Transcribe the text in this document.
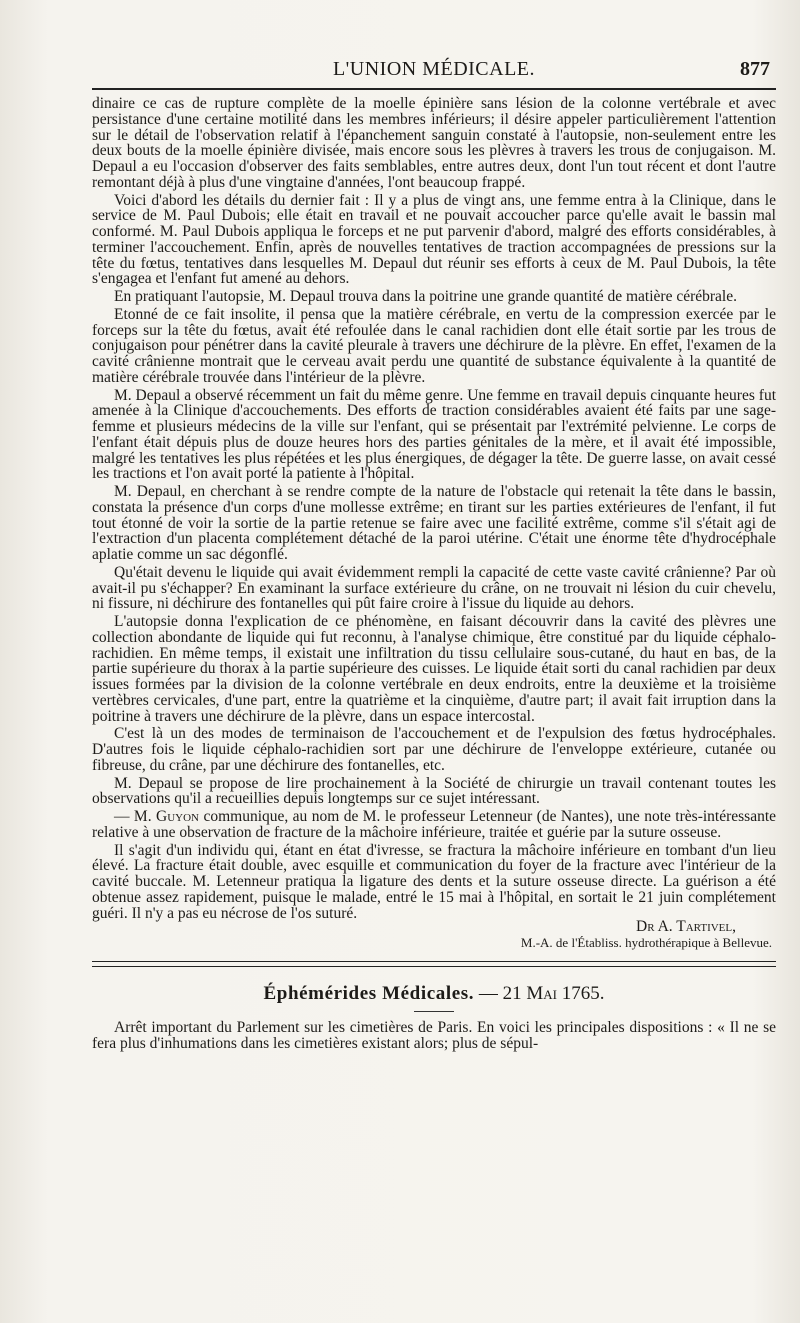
L'UNION MÉDICALE.	877

dinaire ce cas de rupture complète de la moelle épinière sans lésion de la colonne vertébrale et avec persistance d'une certaine motilité dans les membres inférieurs; il désire appeler particulièrement l'attention sur le détail de l'observation relatif à l'épanchement sanguin constaté à l'autopsie, non-seulement entre les deux bouts de la moelle épinière divisée, mais encore sous les plèvres à travers les trous de conjugaison. M. Depaul a eu l'occasion d'observer des faits semblables, entre autres deux, dont l'un tout récent et dont l'autre remontant déjà à plus d'une vingtaine d'années, l'ont beaucoup frappé.

Voici d'abord les détails du dernier fait : Il y a plus de vingt ans, une femme entra à la Clinique, dans le service de M. Paul Dubois; elle était en travail et ne pouvait accoucher parce qu'elle avait le bassin mal conformé. M. Paul Dubois appliqua le forceps et ne put parvenir d'abord, malgré des efforts considérables, à terminer l'accouchement. Enfin, après de nouvelles tentatives de traction accompagnées de pressions sur la tête du fœtus, tentatives dans lesquelles M. Depaul dut réunir ses efforts à ceux de M. Paul Dubois, la tête s'engagea et l'enfant fut amené au dehors.

En pratiquant l'autopsie, M. Depaul trouva dans la poitrine une grande quantité de matière cérébrale.

Etonné de ce fait insolite, il pensa que la matière cérébrale, en vertu de la compression exercée par le forceps sur la tête du fœtus, avait été refoulée dans le canal rachidien dont elle était sortie par les trous de conjugaison pour pénétrer dans la cavité pleurale à travers une déchirure de la plèvre. En effet, l'examen de la cavité crânienne montrait que le cerveau avait perdu une quantité de substance équivalente à la quantité de matière cérébrale trouvée dans l'intérieur de la plèvre.

M. Depaul a observé récemment un fait du même genre. Une femme en travail depuis cinquante heures fut amenée à la Clinique d'accouchements. Des efforts de traction considérables avaient été faits par une sage-femme et plusieurs médecins de la ville sur l'enfant, qui se présentait par l'extrémité pelvienne. Le corps de l'enfant était dépuis plus de douze heures hors des parties génitales de la mère, et il avait été impossible, malgré les tentatives les plus répétées et les plus énergiques, de dégager la tête. De guerre lasse, on avait cessé les tractions et l'on avait porté la patiente à l'hôpital.

M. Depaul, en cherchant à se rendre compte de la nature de l'obstacle qui retenait la tête dans le bassin, constata la présence d'un corps d'une mollesse extrême; en tirant sur les parties extérieures de l'enfant, il fut tout étonné de voir la sortie de la partie retenue se faire avec une facilité extrême, comme s'il s'était agi de l'extraction d'un placenta complétement détaché de la paroi utérine. C'était une énorme tête d'hydrocéphale aplatie comme un sac dégonflé.

Qu'était devenu le liquide qui avait évidemment rempli la capacité de cette vaste cavité crânienne? Par où avait-il pu s'échapper? En examinant la surface extérieure du crâne, on ne trouvait ni lésion du cuir chevelu, ni fissure, ni déchirure des fontanelles qui pût faire croire à l'issue du liquide au dehors.

L'autopsie donna l'explication de ce phénomène, en faisant découvrir dans la cavité des plèvres une collection abondante de liquide qui fut reconnu, à l'analyse chimique, être constitué par du liquide céphalo-rachidien. En même temps, il existait une infiltration du tissu cellulaire sous-cutané, du haut en bas, de la partie supérieure du thorax à la partie supérieure des cuisses. Le liquide était sorti du canal rachidien par deux issues formées par la division de la colonne vertébrale en deux endroits, entre la deuxième et la troisième vertèbres cervicales, d'une part, entre la quatrième et la cinquième, d'autre part; il avait fait irruption dans la poitrine à travers une déchirure de la plèvre, dans un espace intercostal.

C'est là un des modes de terminaison de l'accouchement et de l'expulsion des fœtus hydrocéphales. D'autres fois le liquide céphalo-rachidien sort par une déchirure de l'enveloppe extérieure, cutanée ou fibreuse, du crâne, par une déchirure des fontanelles, etc.

M. Depaul se propose de lire prochainement à la Société de chirurgie un travail contenant toutes les observations qu'il a recueillies depuis longtemps sur ce sujet intéressant.

— M. Guyon communique, au nom de M. le professeur Letenneur (de Nantes), une note très-intéressante relative à une observation de fracture de la mâchoire inférieure, traitée et guérie par la suture osseuse.

Il s'agit d'un individu qui, étant en état d'ivresse, se fractura la mâchoire inférieure en tombant d'un lieu élevé. La fracture était double, avec esquille et communication du foyer de la fracture avec l'intérieur de la cavité buccale. M. Letenneur pratiqua la ligature des dents et la suture osseuse directe. La guérison a été obtenue assez rapidement, puisque le malade, entré le 15 mai à l'hôpital, en sortait le 21 juin complétement guéri. Il n'y a pas eu nécrose de l'os suturé.

Dr A. Tartivel,
M.-A. de l'Établiss. hydrothérapique à Bellevue.
Éphémérides Médicales. — 21 Mai 1765.

Arrêt important du Parlement sur les cimetières de Paris. En voici les principales dispositions : « Il ne se fera plus d'inhumations dans les cimetières existant alors; plus de sépul-
